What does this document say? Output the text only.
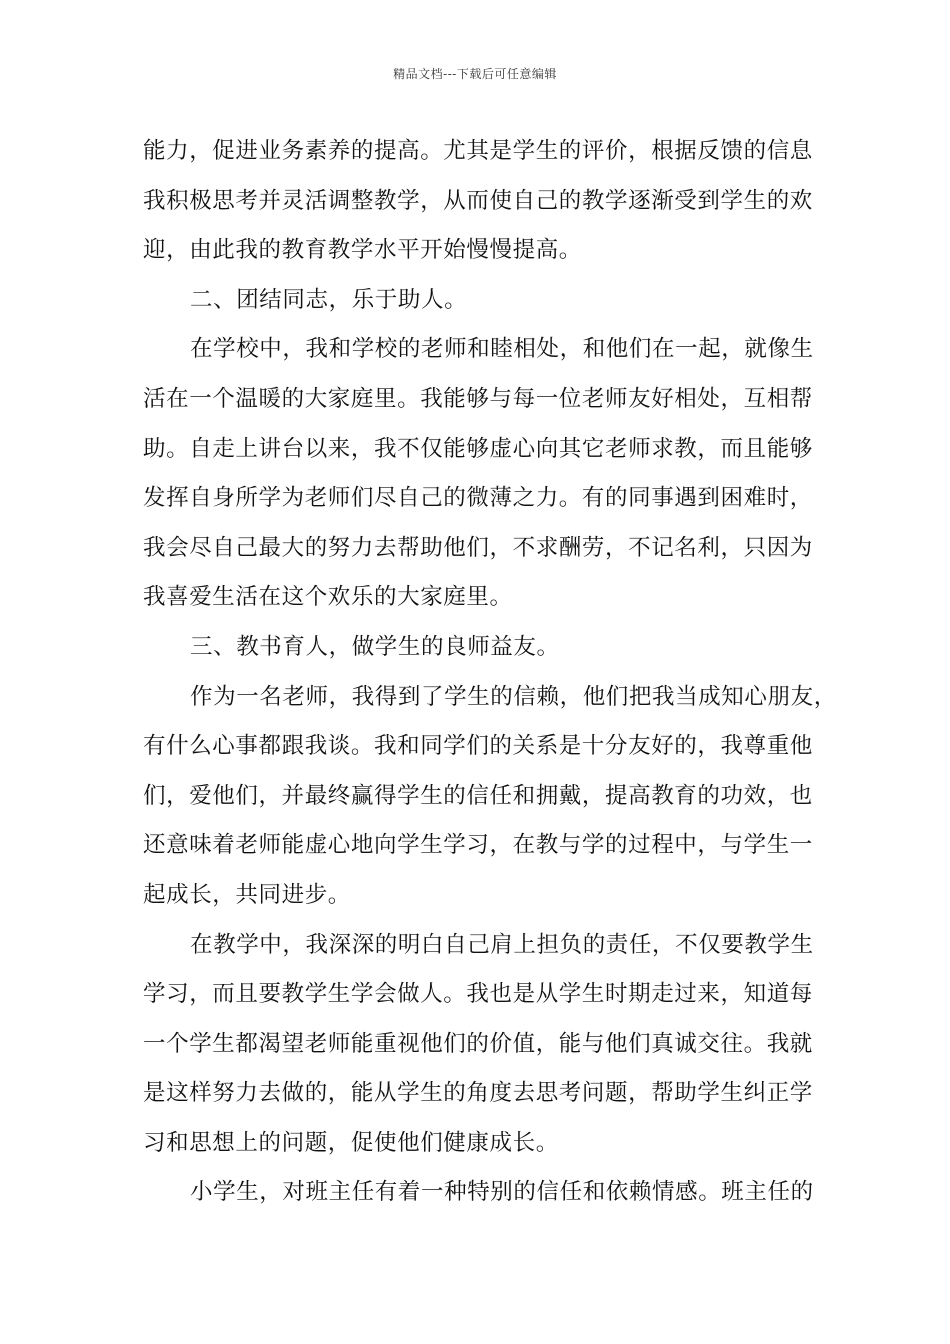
精品文档---下载后可任意编辑
能力，促进业务素养的提高。尤其是学生的评价，根据反馈的信息
我积极思考并灵活调整教学，从而使自己的教学逐渐受到学生的欢
迎，由此我的教育教学水平开始慢慢提高。
二、团结同志，乐于助人。
在学校中，我和学校的老师和睦相处，和他们在一起，就像生
活在一个温暖的大家庭里。我能够与每一位老师友好相处，互相帮
助。自走上讲台以来，我不仅能够虚心向其它老师求教，而且能够
发挥自身所学为老师们尽自己的微薄之力。有的同事遇到困难时，
我会尽自己最大的努力去帮助他们，不求酬劳，不记名利，只因为
我喜爱生活在这个欢乐的大家庭里。
三、教书育人，做学生的良师益友。
作为一名老师，我得到了学生的信赖，他们把我当成知心朋友，
有什么心事都跟我谈。我和同学们的关系是十分友好的，我尊重他
们，爱他们，并最终赢得学生的信任和拥戴，提高教育的功效，也
还意味着老师能虚心地向学生学习，在教与学的过程中，与学生一
起成长，共同进步。
在教学中，我深深的明白自己肩上担负的责任，不仅要教学生
学习，而且要教学生学会做人。我也是从学生时期走过来，知道每
一个学生都渴望老师能重视他们的价值，能与他们真诚交往。我就
是这样努力去做的，能从学生的角度去思考问题，帮助学生纠正学
习和思想上的问题，促使他们健康成长。
小学生，对班主任有着一种特别的信任和依赖情感。班主任的
